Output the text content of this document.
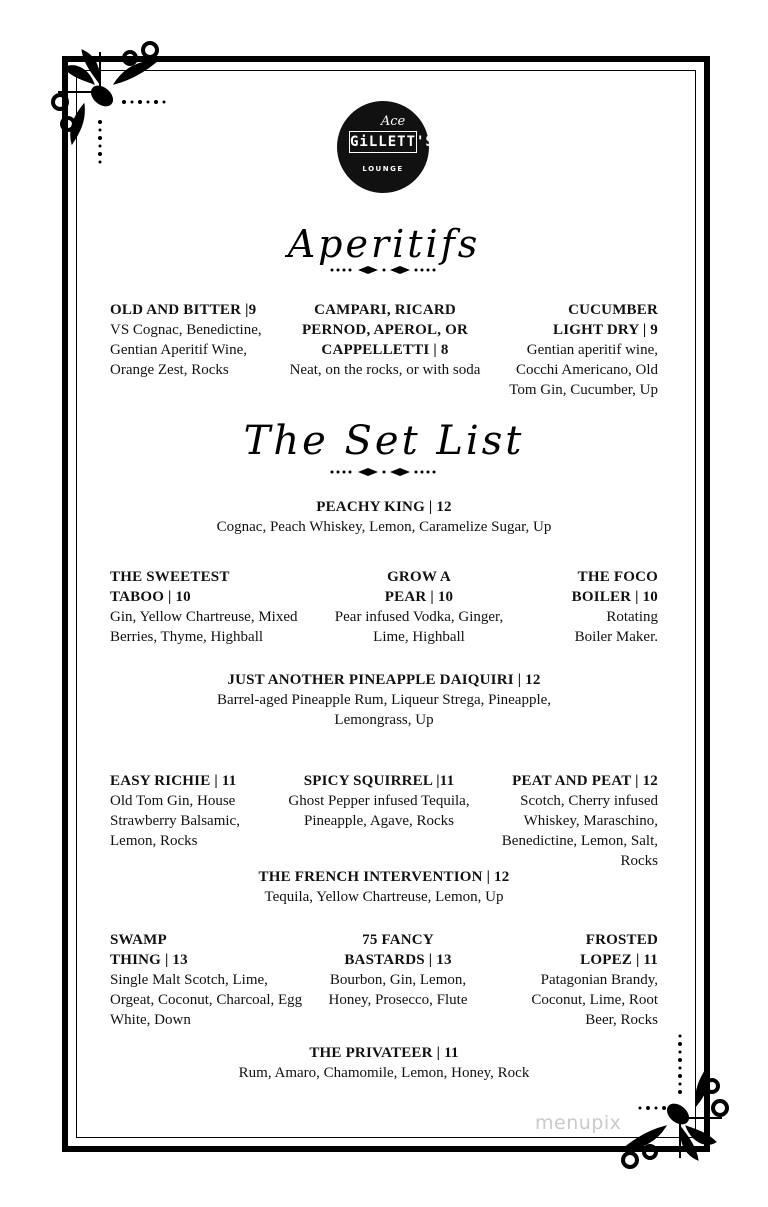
Ace
GiLLETT'S
LOUNGE
Aperitifs
OLD AND BITTER |9
VS Cognac, Benedictine, Gentian Aperitif Wine, Orange Zest, Rocks
CAMPARI, RICARD PERNOD, APEROL, OR CAPPELLETTI | 8
Neat, on the rocks, or with soda
CUCUMBER LIGHT DRY | 9
Gentian aperitif wine, Cocchi Americano, Old Tom Gin, Cucumber, Up
The Set List
PEACHY KING | 12
Cognac, Peach Whiskey, Lemon, Caramelize Sugar, Up
THE SWEETEST TABOO | 10
Gin, Yellow Chartreuse, Mixed Berries, Thyme, Highball
GROW A PEAR | 10
Pear infused Vodka, Ginger, Lime, Highball
THE FOCO BOILER | 10
Rotating Boiler Maker.
JUST ANOTHER PINEAPPLE DAIQUIRI | 12
Barrel-aged Pineapple Rum, Liqueur Strega, Pineapple, Lemongrass, Up
EASY RICHIE | 11
Old Tom Gin, House Strawberry Balsamic, Lemon, Rocks
SPICY SQUIRREL |11
Ghost Pepper infused Tequila, Pineapple, Agave, Rocks
PEAT AND PEAT | 12
Scotch, Cherry infused Whiskey, Maraschino, Benedictine, Lemon, Salt, Rocks
THE FRENCH INTERVENTION | 12
Tequila, Yellow Chartreuse, Lemon, Up
SWAMP THING | 13
Single Malt Scotch, Lime, Orgeat, Coconut, Charcoal, Egg White, Down
75 FANCY BASTARDS | 13
Bourbon, Gin, Lemon, Honey, Prosecco, Flute
FROSTED LOPEZ | 11
Patagonian Brandy, Coconut, Lime, Root Beer, Rocks
THE PRIVATEER | 11
Rum, Amaro, Chamomile, Lemon, Honey, Rock
menupix
